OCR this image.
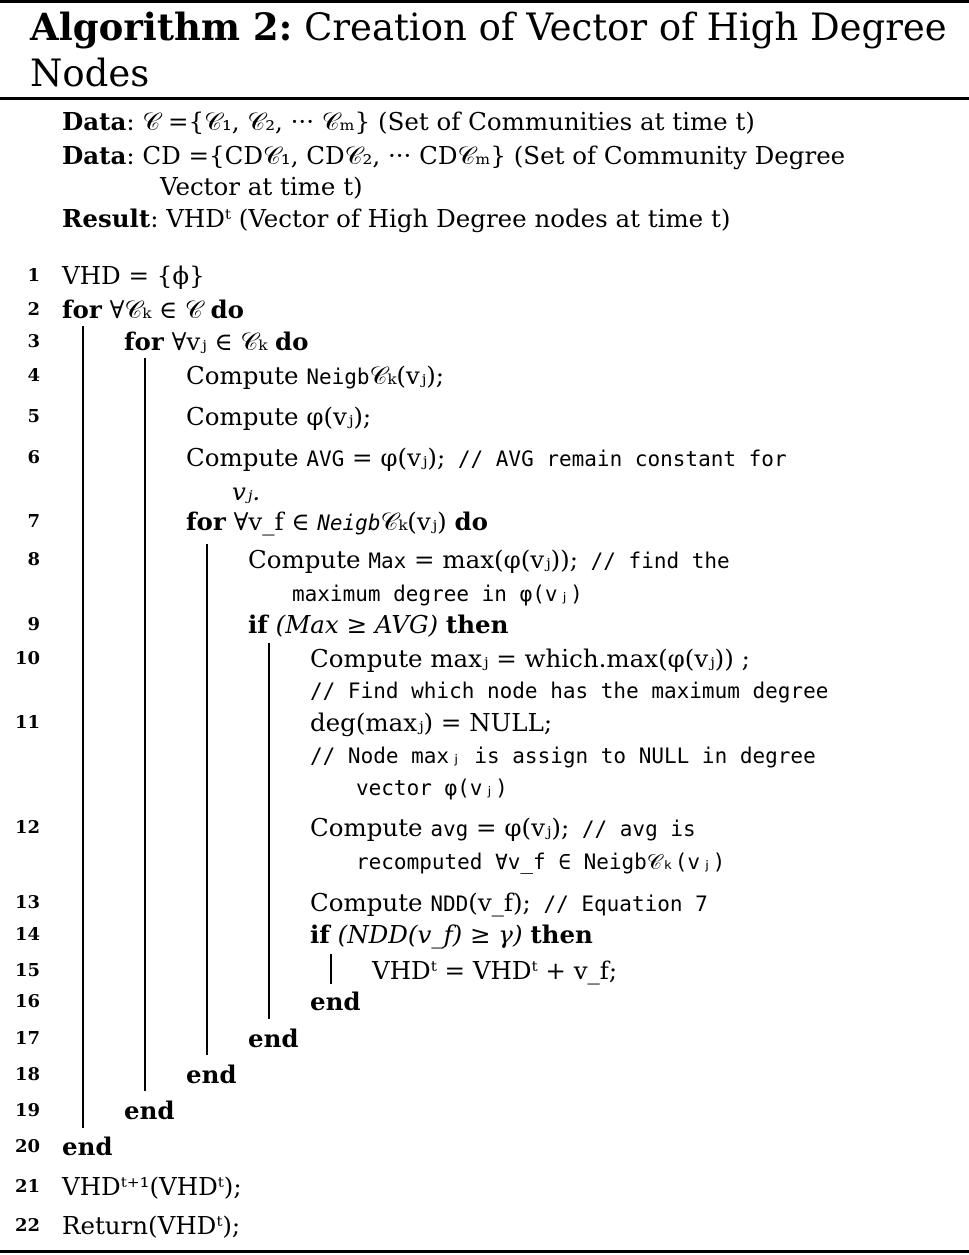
Algorithm 2: Creation of Vector of High Degree
Nodes
Data: 𝒞 ={𝒞₁, 𝒞₂, ··· 𝒞ₘ} (Set of Communities at time t)
Data: CD ={CD𝒞₁, CD𝒞₂, ··· CD𝒞ₘ} (Set of Community Degree
Vector at time t)
Result: VHDᵗ (Vector of High Degree nodes at time t)
1 VHD = {ϕ}
2 for ∀𝒞ₖ ∈ 𝒞 do
3	for ∀vⱼ ∈ 𝒞ₖ do
4	Compute Neigb𝒞ₖ(vⱼ);
5	Compute φ(vⱼ);
6	Compute AVG = φ(vⱼ); // AVG remain constant for
vⱼ.
7	for ∀v_f ∈ Neigb𝒞ₖ(vⱼ) do
8	Compute Max = max(φ(vⱼ)); // find the
maximum degree in φ(vⱼ)
9	if (Max ≥ AVG) then
10	Compute maxⱼ = which.max(φ(vⱼ)) ;
// Find which node has the maximum degree
11	deg(maxⱼ) = NULL;
// Node maxⱼ is assign to NULL in degree
vector φ(vⱼ)
12	Compute avg = φ(vⱼ); // avg is
recomputed ∀v_f ∈ Neigb𝒞ₖ(vⱼ)
13	Compute NDD(v_f); // Equation 7
14	if (NDD(v_f) ≥ γ) then
15	VHDᵗ = VHDᵗ + v_f;
16	end
17	end
18	end
19	end
20 end
21 VHDᵗ⁺¹(VHDᵗ);
22 Return(VHDᵗ);
